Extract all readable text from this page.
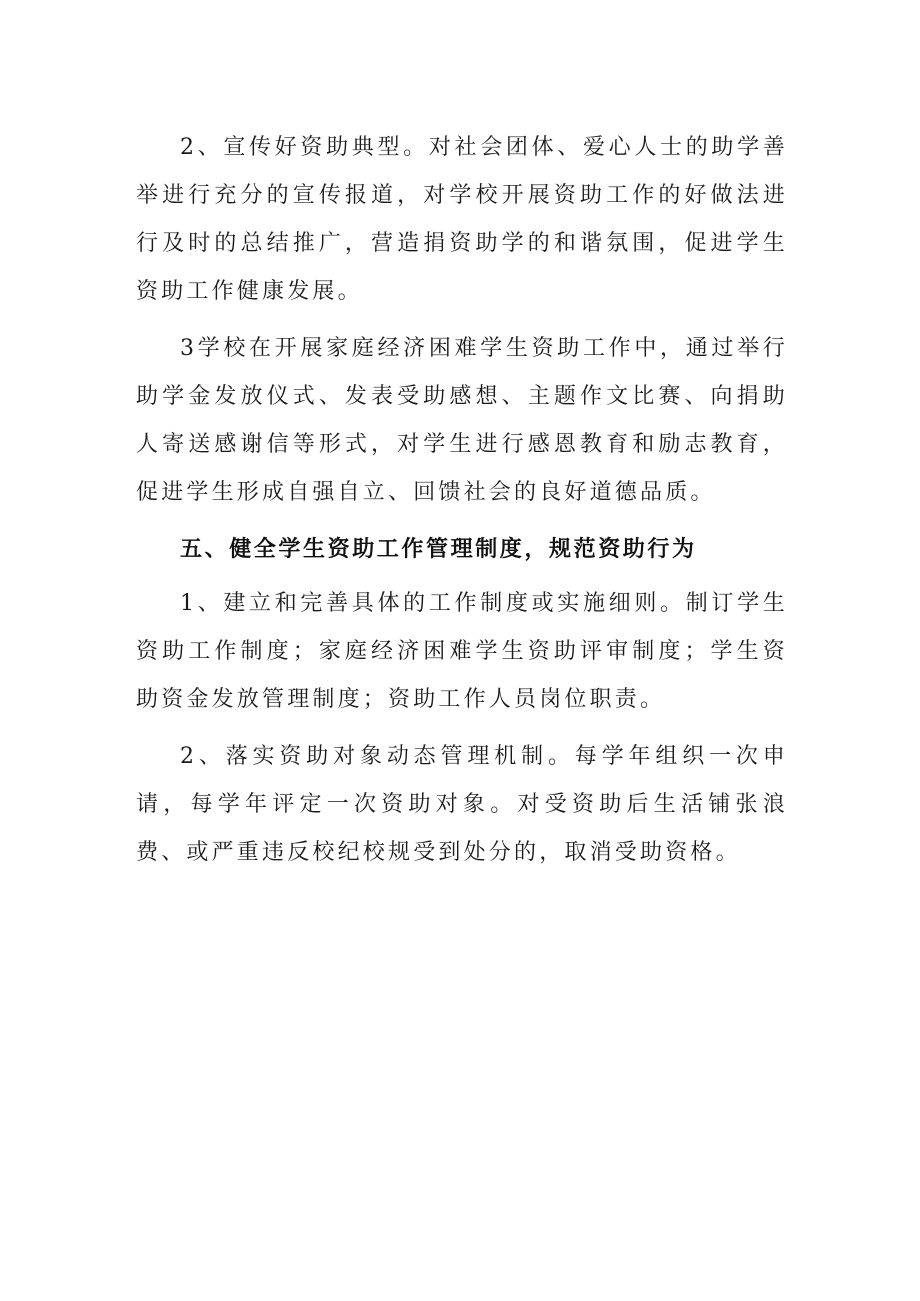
2、宣传好资助典型。对社会团体、爱心人士的助学善举进行充分的宣传报道，对学校开展资助工作的好做法进行及时的总结推广，营造捐资助学的和谐氛围，促进学生资助工作健康发展。

3学校在开展家庭经济困难学生资助工作中，通过举行助学金发放仪式、发表受助感想、主题作文比赛、向捐助人寄送感谢信等形式，对学生进行感恩教育和励志教育，促进学生形成自强自立、回馈社会的良好道德品质。

五、健全学生资助工作管理制度，规范资助行为

1、建立和完善具体的工作制度或实施细则。制订学生资助工作制度；家庭经济困难学生资助评审制度；学生资助资金发放管理制度；资助工作人员岗位职责。

2、落实资助对象动态管理机制。每学年组织一次申请，每学年评定一次资助对象。对受资助后生活铺张浪费、或严重违反校纪校规受到处分的，取消受助资格。
